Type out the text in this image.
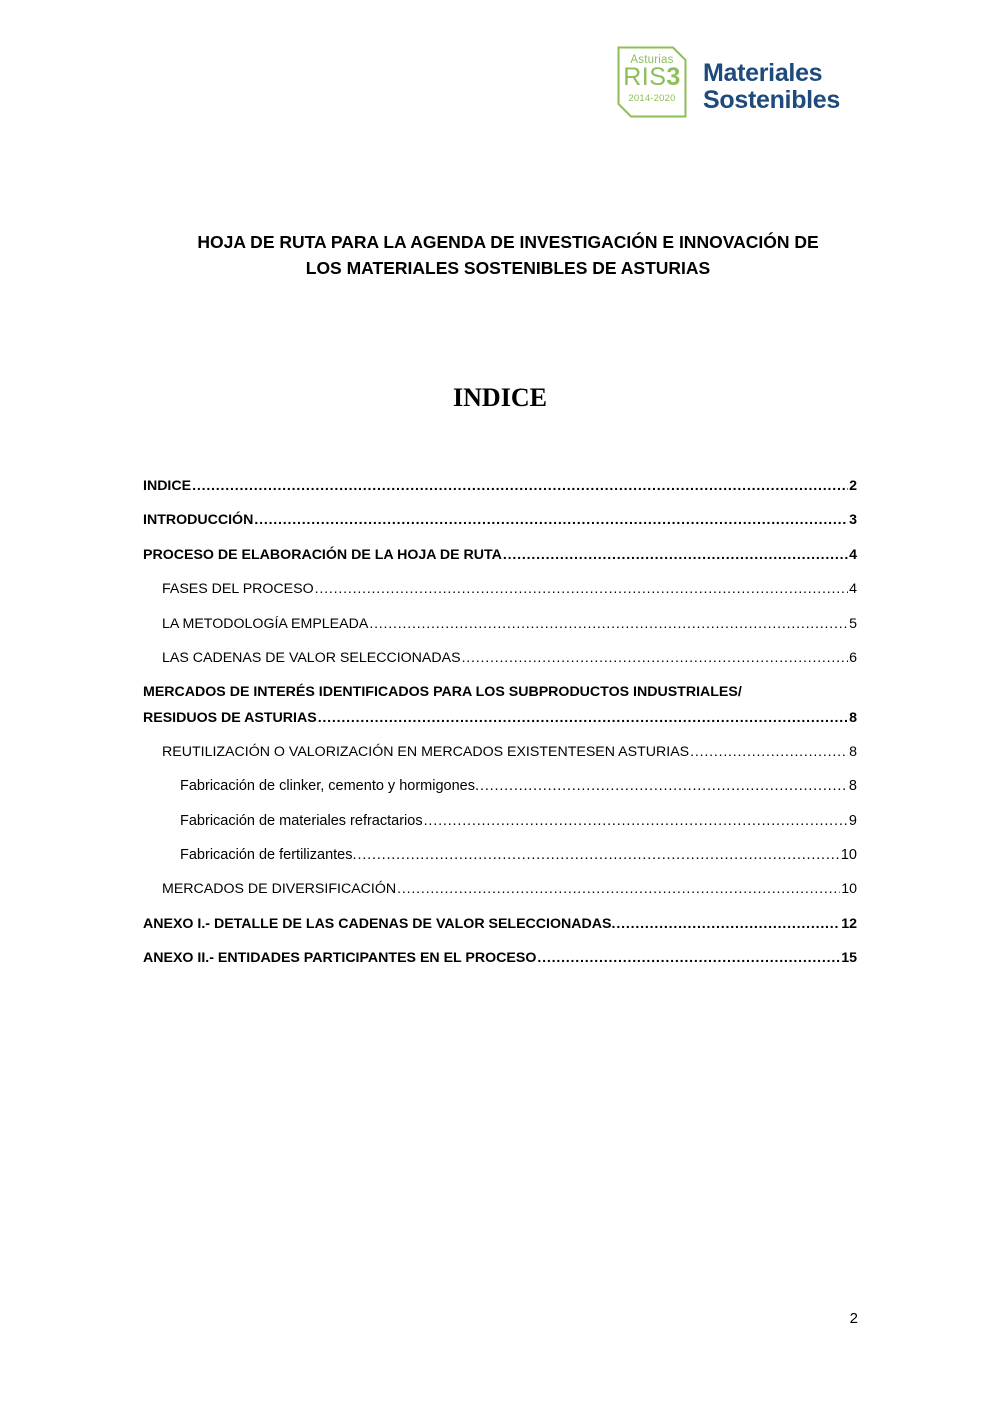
Asturias
RIS3
2014-2020
Materiales
Sostenibles
HOJA DE RUTA PARA LA AGENDA DE INVESTIGACIÓN E INNOVACIÓN DE
LOS MATERIALES SOSTENIBLES DE ASTURIAS
INDICE
INDICE .....	2
INTRODUCCIÓN .....	3
PROCESO DE ELABORACIÓN DE LA HOJA DE RUTA .....	4
FASES DEL PROCESO .....	4
LA METODOLOGÍA EMPLEADA .....	5
LAS CADENAS DE VALOR SELECCIONADAS .....	6
MERCADOS DE INTERÉS IDENTIFICADOS PARA LOS SUBPRODUCTOS INDUSTRIALES/
RESIDUOS DE ASTURIAS .....	8
REUTILIZACIÓN O VALORIZACIÓN EN MERCADOS EXISTENTESEN ASTURIAS .....	8
Fabricación de clinker, cemento y hormigones. .....	8
Fabricación de materiales refractarios .....	9
Fabricación de fertilizantes. .....	10
MERCADOS DE DIVERSIFICACIÓN .....	10
ANEXO I.- DETALLE DE LAS CADENAS DE VALOR SELECCIONADAS. .....	12
ANEXO II.- ENTIDADES PARTICIPANTES EN EL PROCESO .....	15
2
